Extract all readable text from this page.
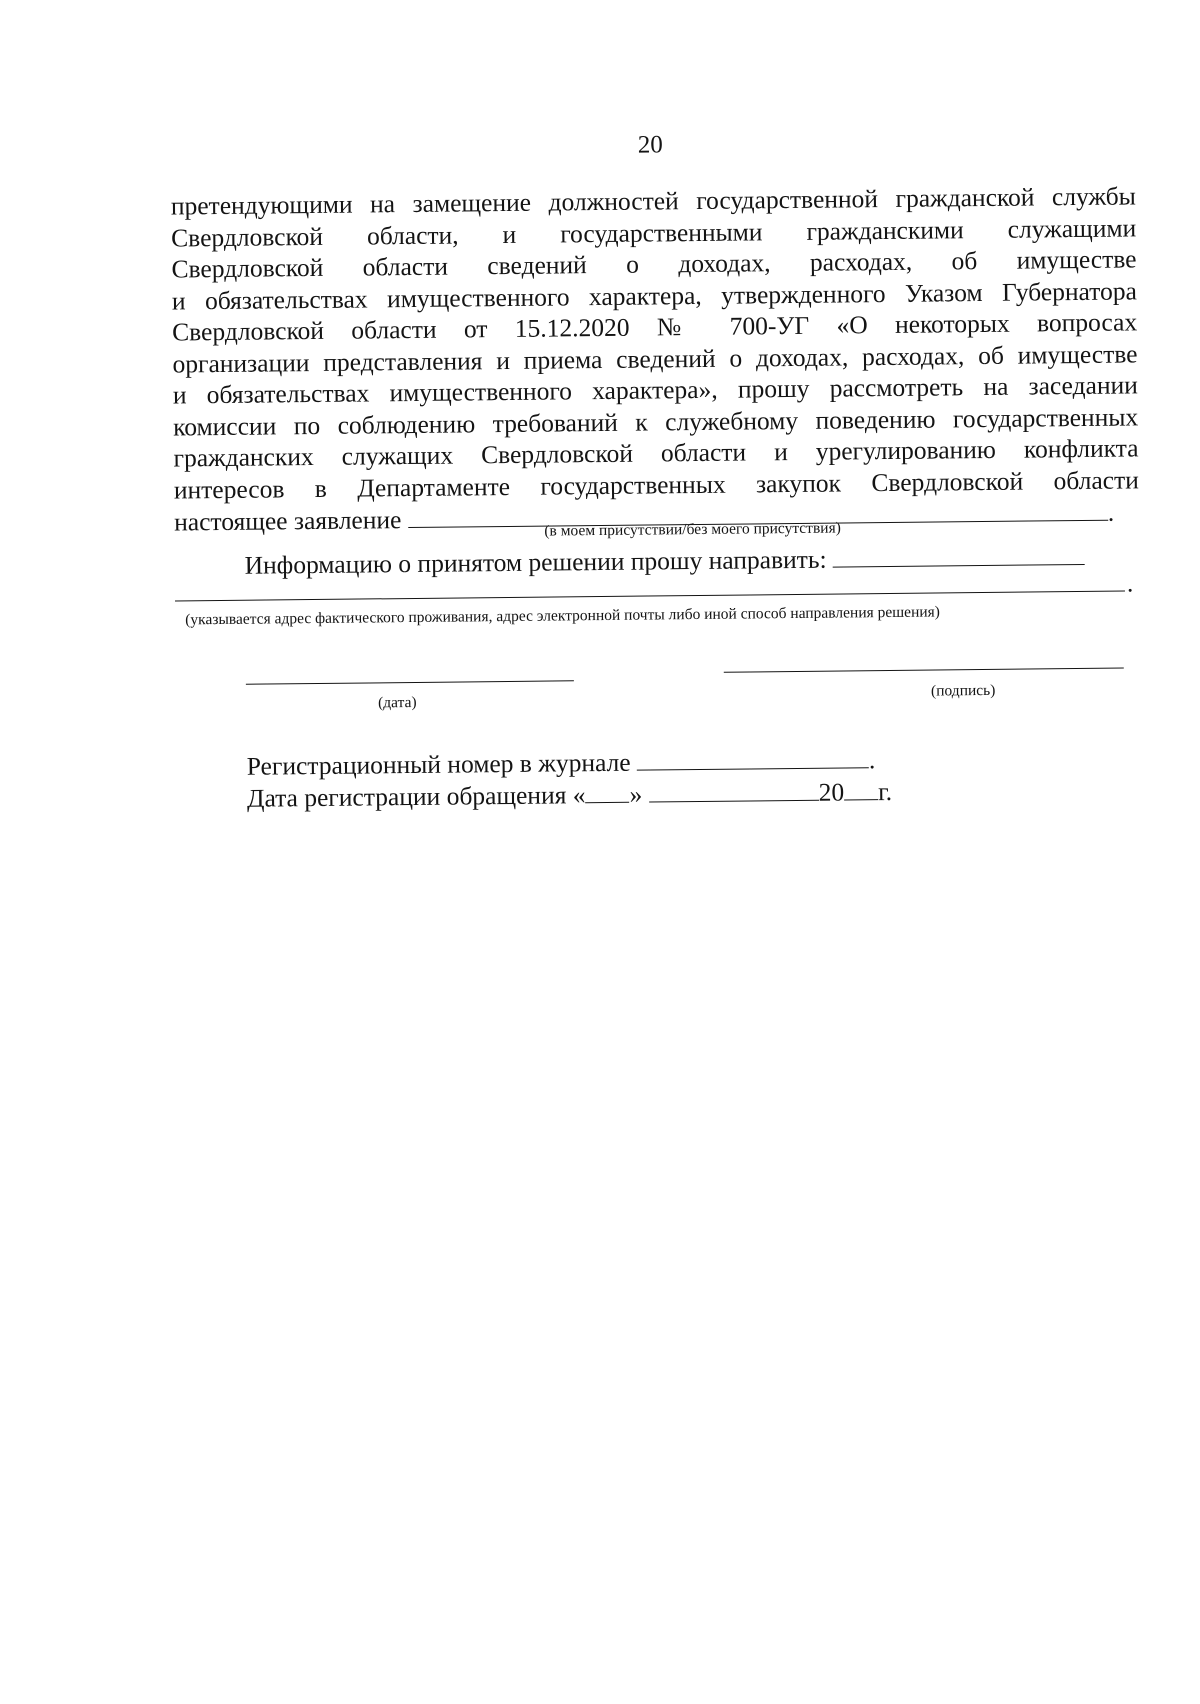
20
претендующими на замещение должностей государственной гражданской службы
Свердловской области, и государственными гражданскими служащими
Свердловской области сведений о доходах, расходах, об имуществе
и обязательствах имущественного характера, утвержденного Указом Губернатора
Свердловской области от 15.12.2020 № 700-УГ «О некоторых вопросах
организации представления и приема сведений о доходах, расходах, об имуществе
и обязательствах имущественного характера», прошу рассмотреть на заседании
комиссии по соблюдению требований к служебному поведению государственных
гражданских служащих Свердловской области и урегулированию конфликта
интересов в Департаменте государственных закупок Свердловской области
настоящее заявление	.
(в моем присутствии/без моего присутствия)
Информацию о принятом решении прошу направить:
.
(указывается адрес фактического проживания, адрес электронной почты либо иной способ направления решения)
(дата)
(подпись)
Регистрационный номер в журнале	.
Дата регистрации обращения « »	20 г.
